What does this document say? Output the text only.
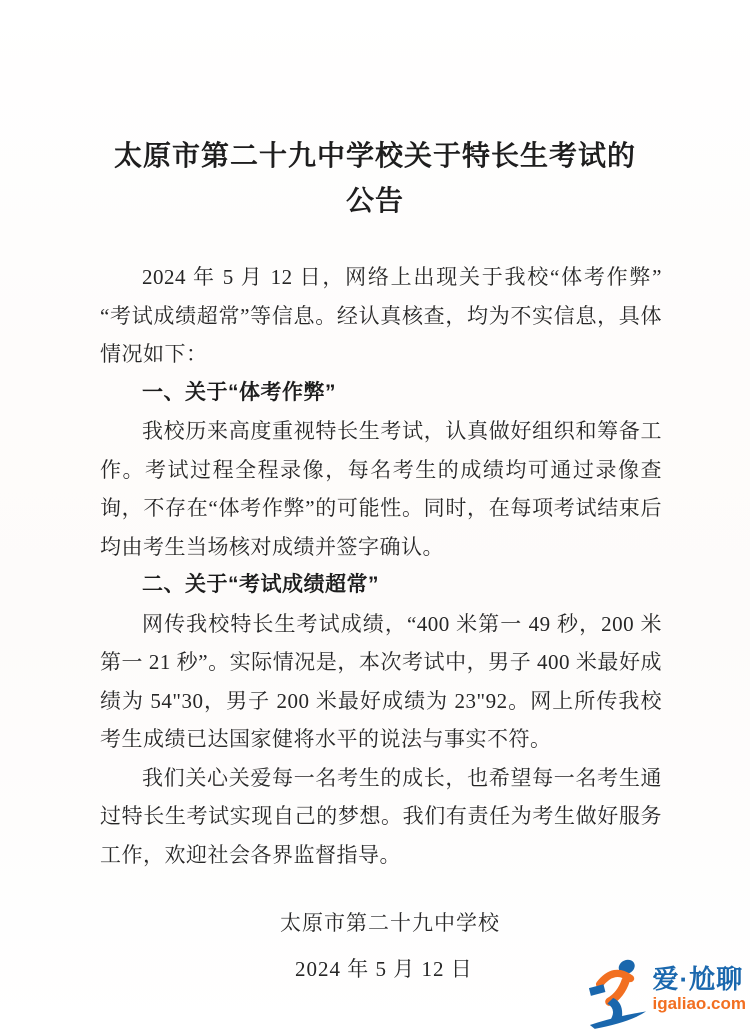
太原市第二十九中学校关于特长生考试的
公告

2024 年 5 月 12 日，网络上出现关于我校“体考作弊”“考试成绩超常”等信息。经认真核查，均为不实信息，具体情况如下：

一、关于“体考作弊”

我校历来高度重视特长生考试，认真做好组织和筹备工作。考试过程全程录像，每名考生的成绩均可通过录像查询，不存在“体考作弊”的可能性。同时，在每项考试结束后均由考生当场核对成绩并签字确认。

二、关于“考试成绩超常”

网传我校特长生考试成绩，“400 米第一 49 秒，200 米第一 21 秒”。实际情况是，本次考试中，男子 400 米最好成绩为 54"30，男子 200 米最好成绩为 23"92。网上所传我校考生成绩已达国家健将水平的说法与事实不符。

我们关心关爱每一名考生的成长，也希望每一名考生通过特长生考试实现自己的梦想。我们有责任为考生做好服务工作，欢迎社会各界监督指导。

太原市第二十九中学校
2024 年 5 月 12 日	爱·尬聊
igaliao.com
